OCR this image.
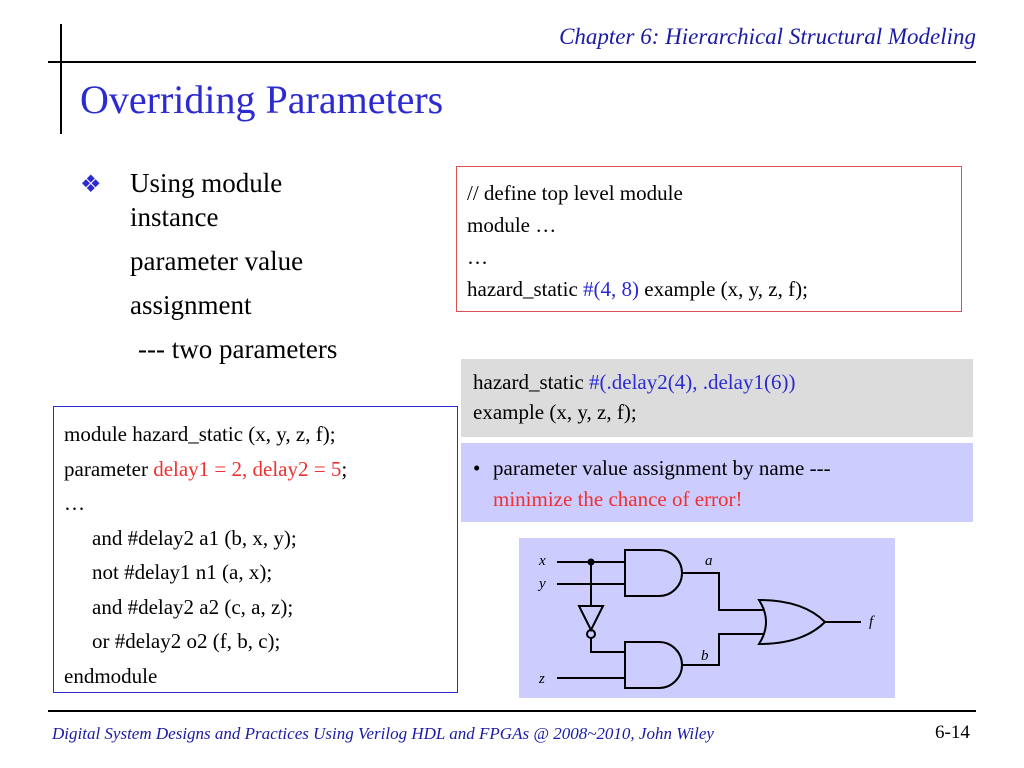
Chapter 6: Hierarchical Structural Modeling
Overriding Parameters
❖ Using module
instance
parameter value
assignment
--- two parameters
// define top level module
module …
…
hazard_static #(4, 8) example (x, y, z, f);
hazard_static #(.delay2(4), .delay1(6))
example (x, y, z, f);
• parameter value assignment by name ---
minimize the chance of error!
module hazard_static (x, y, z, f);
parameter delay1 = 2, delay2 = 5;
…
and #delay2 a1 (b, x, y);
not #delay1 n1 (a, x);
and #delay2 a2 (c, a, z);
or #delay2 o2 (f, b, c);
endmodule
x
y
z
a
b
f
Digital System Designs and Practices Using Verilog HDL and FPGAs @ 2008~2010, John Wiley	6-14
